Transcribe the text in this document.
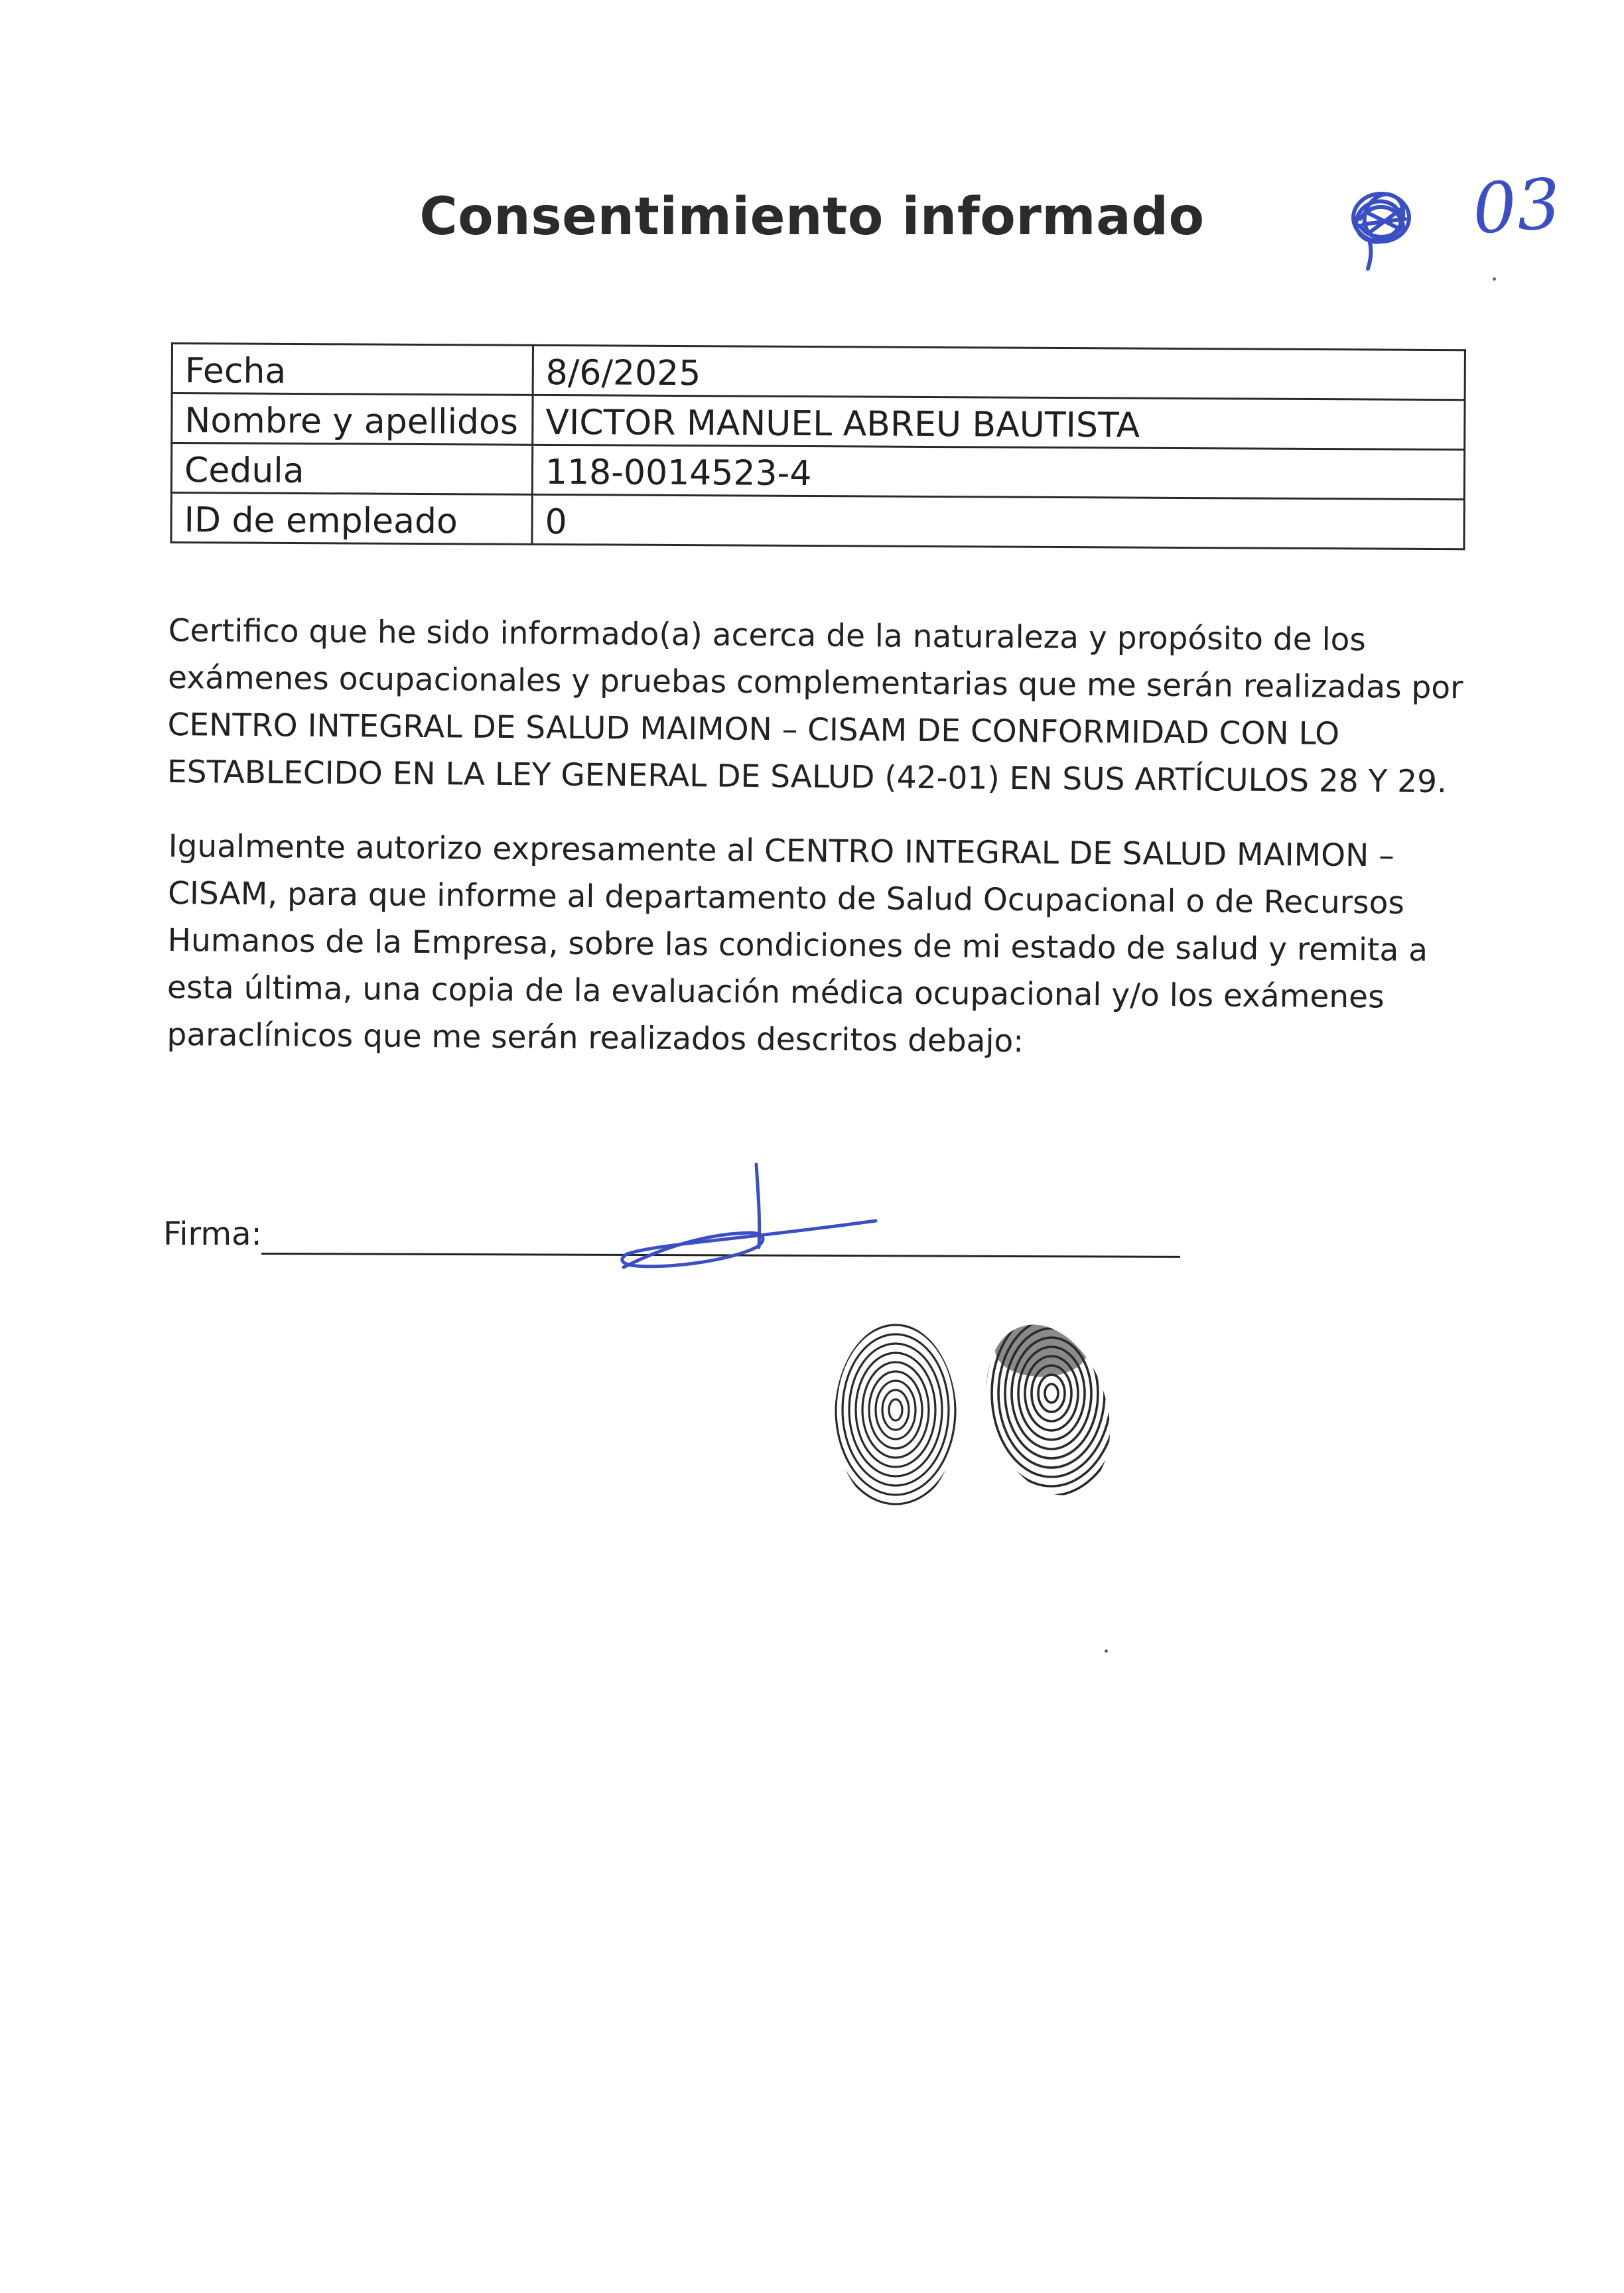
Consentimiento informado	03
Fecha	8/6/2025
Nombre y apellidos	VICTOR MANUEL ABREU BAUTISTA
Cedula	118-0014523-4
ID de empleado	0
Certifico que he sido informado(a) acerca de la naturaleza y propósito de los exámenes ocupacionales y pruebas complementarias que me serán realizadas por CENTRO INTEGRAL DE SALUD MAIMON – CISAM DE CONFORMIDAD CON LO ESTABLECIDO EN LA LEY GENERAL DE SALUD (42-01) EN SUS ARTÍCULOS 28 Y 29.
Igualmente autorizo expresamente al CENTRO INTEGRAL DE SALUD MAIMON – CISAM, para que informe al departamento de Salud Ocupacional o de Recursos Humanos de la Empresa, sobre las condiciones de mi estado de salud y remita a esta última, una copia de la evaluación médica ocupacional y/o los exámenes paraclínicos que me serán realizados descritos debajo:
Firma:
